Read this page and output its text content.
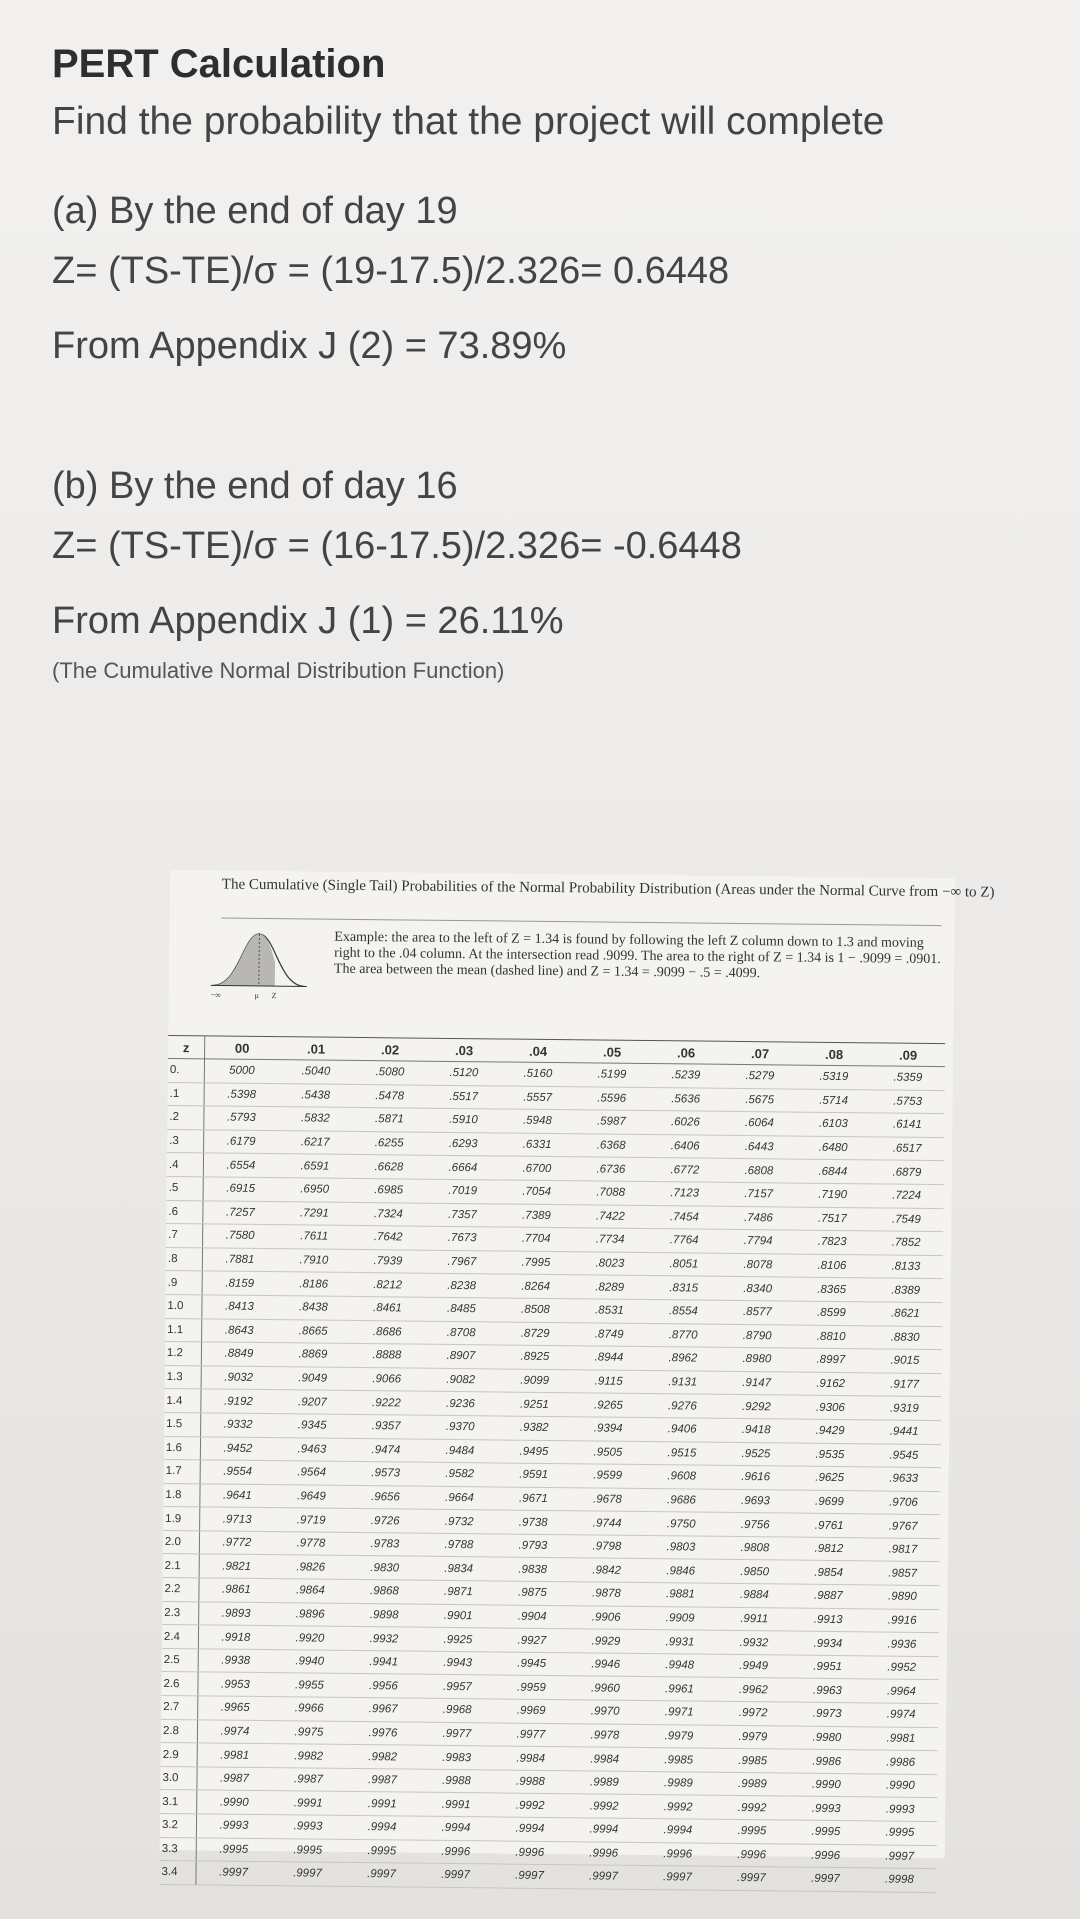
PERT Calculation
Find the probability that the project will complete
(a) By the end of day 19
Z= (TS-TE)/σ = (19-17.5)/2.326= 0.6448
From Appendix J (2) = 73.89%
(b) By the end of day 16
Z= (TS-TE)/σ = (16-17.5)/2.326= -0.6448
From Appendix J (1) = 26.11%
(The Cumulative Normal Distribution Function)
The Cumulative (Single Tail) Probabilities of the Normal Probability Distribution (Areas under the Normal Curve from −∞ to Z)
−∞	μ Z
Example: the area to the left of Z = 1.34 is found by following the left Z column down to 1.3 and moving right to the .04 column. At the intersection read .9099. The area to the right of Z = 1.34 is 1 − .9099 = .0901. The area between the mean (dashed line) and Z = 1.34 = .9099 − .5 = .4099.
z	00	.01	.02	.03	.04	.05	.06	.07	.08	.09
0.	5000	.5040	.5080	.5120	.5160	.5199	.5239	.5279	.5319	.5359
.1	.5398	.5438	.5478	.5517	.5557	.5596	.5636	.5675	.5714	.5753
.2	.5793	.5832	.5871	.5910	.5948	.5987	.6026	.6064	.6103	.6141
.3	.6179	.6217	.6255	.6293	.6331	.6368	.6406	.6443	.6480	.6517
.4	.6554	.6591	.6628	.6664	.6700	.6736	.6772	.6808	.6844	.6879
.5	.6915	.6950	.6985	.7019	.7054	.7088	.7123	.7157	.7190	.7224
.6	.7257	.7291	.7324	.7357	.7389	.7422	.7454	.7486	.7517	.7549
.7	.7580	.7611	.7642	.7673	.7704	.7734	.7764	.7794	.7823	.7852
.8	.7881	.7910	.7939	.7967	.7995	.8023	.8051	.8078	.8106	.8133
.9	.8159	.8186	.8212	.8238	.8264	.8289	.8315	.8340	.8365	.8389
1.0	.8413	.8438	.8461	.8485	.8508	.8531	.8554	.8577	.8599	.8621
1.1	.8643	.8665	.8686	.8708	.8729	.8749	.8770	.8790	.8810	.8830
1.2	.8849	.8869	.8888	.8907	.8925	.8944	.8962	.8980	.8997	.9015
1.3	.9032	.9049	.9066	.9082	.9099	.9115	.9131	.9147	.9162	.9177
1.4	.9192	.9207	.9222	.9236	.9251	.9265	.9276	.9292	.9306	.9319
1.5	.9332	.9345	.9357	.9370	.9382	.9394	.9406	.9418	.9429	.9441
1.6	.9452	.9463	.9474	.9484	.9495	.9505	.9515	.9525	.9535	.9545
1.7	.9554	.9564	.9573	.9582	.9591	.9599	.9608	.9616	.9625	.9633
1.8	.9641	.9649	.9656	.9664	.9671	.9678	.9686	.9693	.9699	.9706
1.9	.9713	.9719	.9726	.9732	.9738	.9744	.9750	.9756	.9761	.9767
2.0	.9772	.9778	.9783	.9788	.9793	.9798	.9803	.9808	.9812	.9817
2.1	.9821	.9826	.9830	.9834	.9838	.9842	.9846	.9850	.9854	.9857
2.2	.9861	.9864	.9868	.9871	.9875	.9878	.9881	.9884	.9887	.9890
2.3	.9893	.9896	.9898	.9901	.9904	.9906	.9909	.9911	.9913	.9916
2.4	.9918	.9920	.9932	.9925	.9927	.9929	.9931	.9932	.9934	.9936
2.5	.9938	.9940	.9941	.9943	.9945	.9946	.9948	.9949	.9951	.9952
2.6	.9953	.9955	.9956	.9957	.9959	.9960	.9961	.9962	.9963	.9964
2.7	.9965	.9966	.9967	.9968	.9969	.9970	.9971	.9972	.9973	.9974
2.8	.9974	.9975	.9976	.9977	.9977	.9978	.9979	.9979	.9980	.9981
2.9	.9981	.9982	.9982	.9983	.9984	.9984	.9985	.9985	.9986	.9986
3.0	.9987	.9987	.9987	.9988	.9988	.9989	.9989	.9989	.9990	.9990
3.1	.9990	.9991	.9991	.9991	.9992	.9992	.9992	.9992	.9993	.9993
3.2	.9993	.9993	.9994	.9994	.9994	.9994	.9994	.9995	.9995	.9995
3.3	.9995	.9995	.9995	.9996	.9996	.9996	.9996	.9996	.9996	.9997
3.4	.9997	.9997	.9997	.9997	.9997	.9997	.9997	.9997	.9997	.9998
